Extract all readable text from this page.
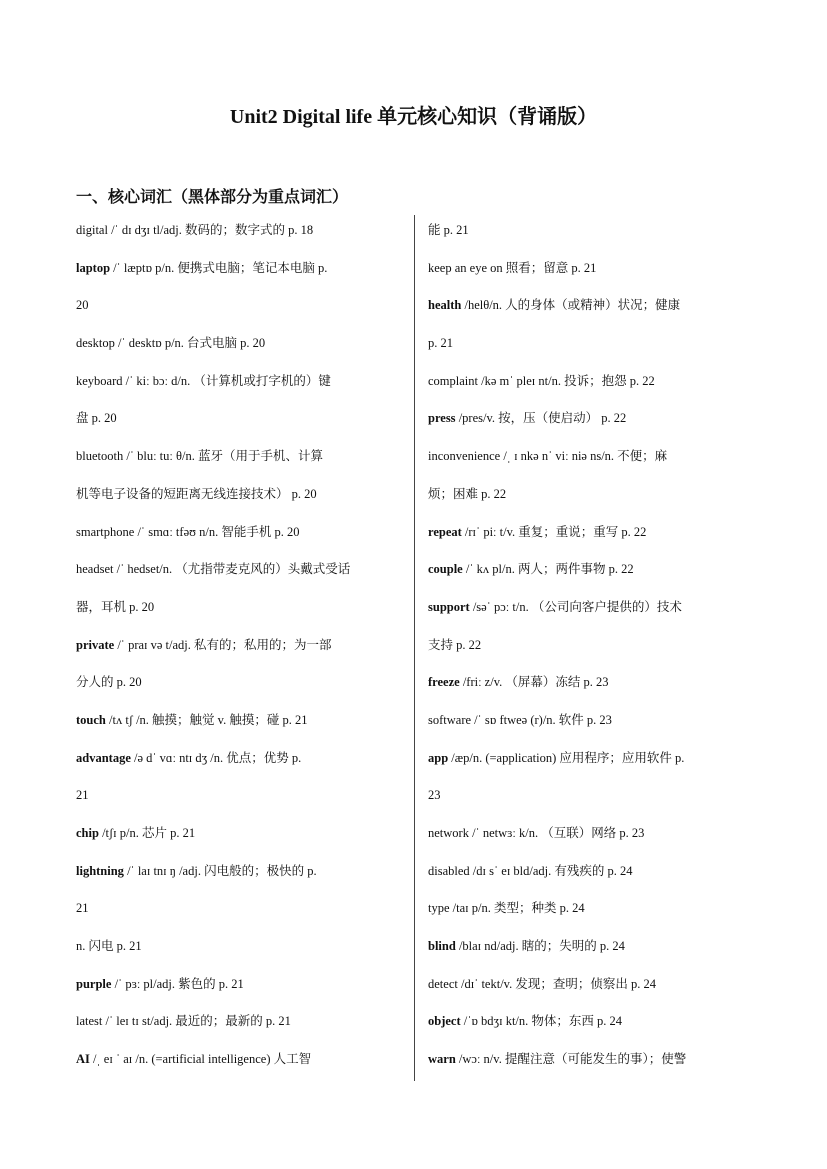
Unit2 Digital life 单元核心知识（背诵版）
一、核心词汇（黑体部分为重点词汇）
digital /ˈ dɪ dʒɪ tl/adj. 数码的；数字式的 p. 18
laptop /ˈ læptɒ p/n. 便携式电脑；笔记本电脑 p.
20
desktop /ˈ desktɒ p/n. 台式电脑 p. 20
keyboard /ˈ kiː bɔː d/n. （计算机或打字机的）键
盘 p. 20
bluetooth /ˈ bluː tuː θ/n. 蓝牙（用于手机、计算
机等电子设备的短距离无线连接技术） p. 20
smartphone /ˈ smɑː tfəʊ n/n. 智能手机 p. 20
headset /ˈ hedset/n. （尤指带麦克风的）头戴式受话
器，耳机 p. 20
private /ˈ praɪ və t/adj. 私有的；私用的；为一部
分人的 p. 20
touch /tʌ tʃ /n. 触摸；触觉 v. 触摸；碰 p. 21
advantage /ə dˈ vɑː ntɪ dʒ /n. 优点；优势 p.
21
chip /tʃɪ p/n. 芯片 p. 21
lightning /ˈ laɪ tnɪ ŋ /adj. 闪电般的；极快的 p.
21
n. 闪电 p. 21
purple /ˈ pɜː pl/adj. 紫色的 p. 21
latest /ˈ leɪ tɪ st/adj. 最近的；最新的 p. 21
AI /ˌ eɪ ˈ aɪ /n. (=artificial intelligence) 人工智
能 p. 21
keep an eye on 照看；留意 p. 21
health /helθ/n. 人的身体（或精神）状况；健康
p. 21
complaint /kə mˈ pleɪ nt/n. 投诉；抱怨 p. 22
press /pres/v. 按，压（使启动） p. 22
inconvenience /ˌ ɪ nkə nˈ viː niə ns/n. 不便；麻
烦；困难 p. 22
repeat /rɪˈ piː t/v. 重复；重说；重写 p. 22
couple /ˈ kʌ pl/n. 两人；两件事物 p. 22
support /səˈ pɔː t/n. （公司向客户提供的）技术
支持 p. 22
freeze /friː z/v. （屏幕）冻结 p. 23
software /ˈ sɒ ftweə (r)/n. 软件 p. 23
app /æp/n. (=application) 应用程序；应用软件 p.
23
network /ˈ netwɜː k/n. （互联）网络 p. 23
disabled /dɪ sˈ eɪ bld/adj. 有残疾的 p. 24
type /taɪ p/n. 类型；种类 p. 24
blind /blaɪ nd/adj. 瞎的；失明的 p. 24
detect /dɪˈ tekt/v. 发现；查明；侦察出 p. 24
object /ˈɒ bdʒɪ kt/n. 物体；东西 p. 24
warn /wɔː n/v. 提醒注意（可能发生的事）；使警
